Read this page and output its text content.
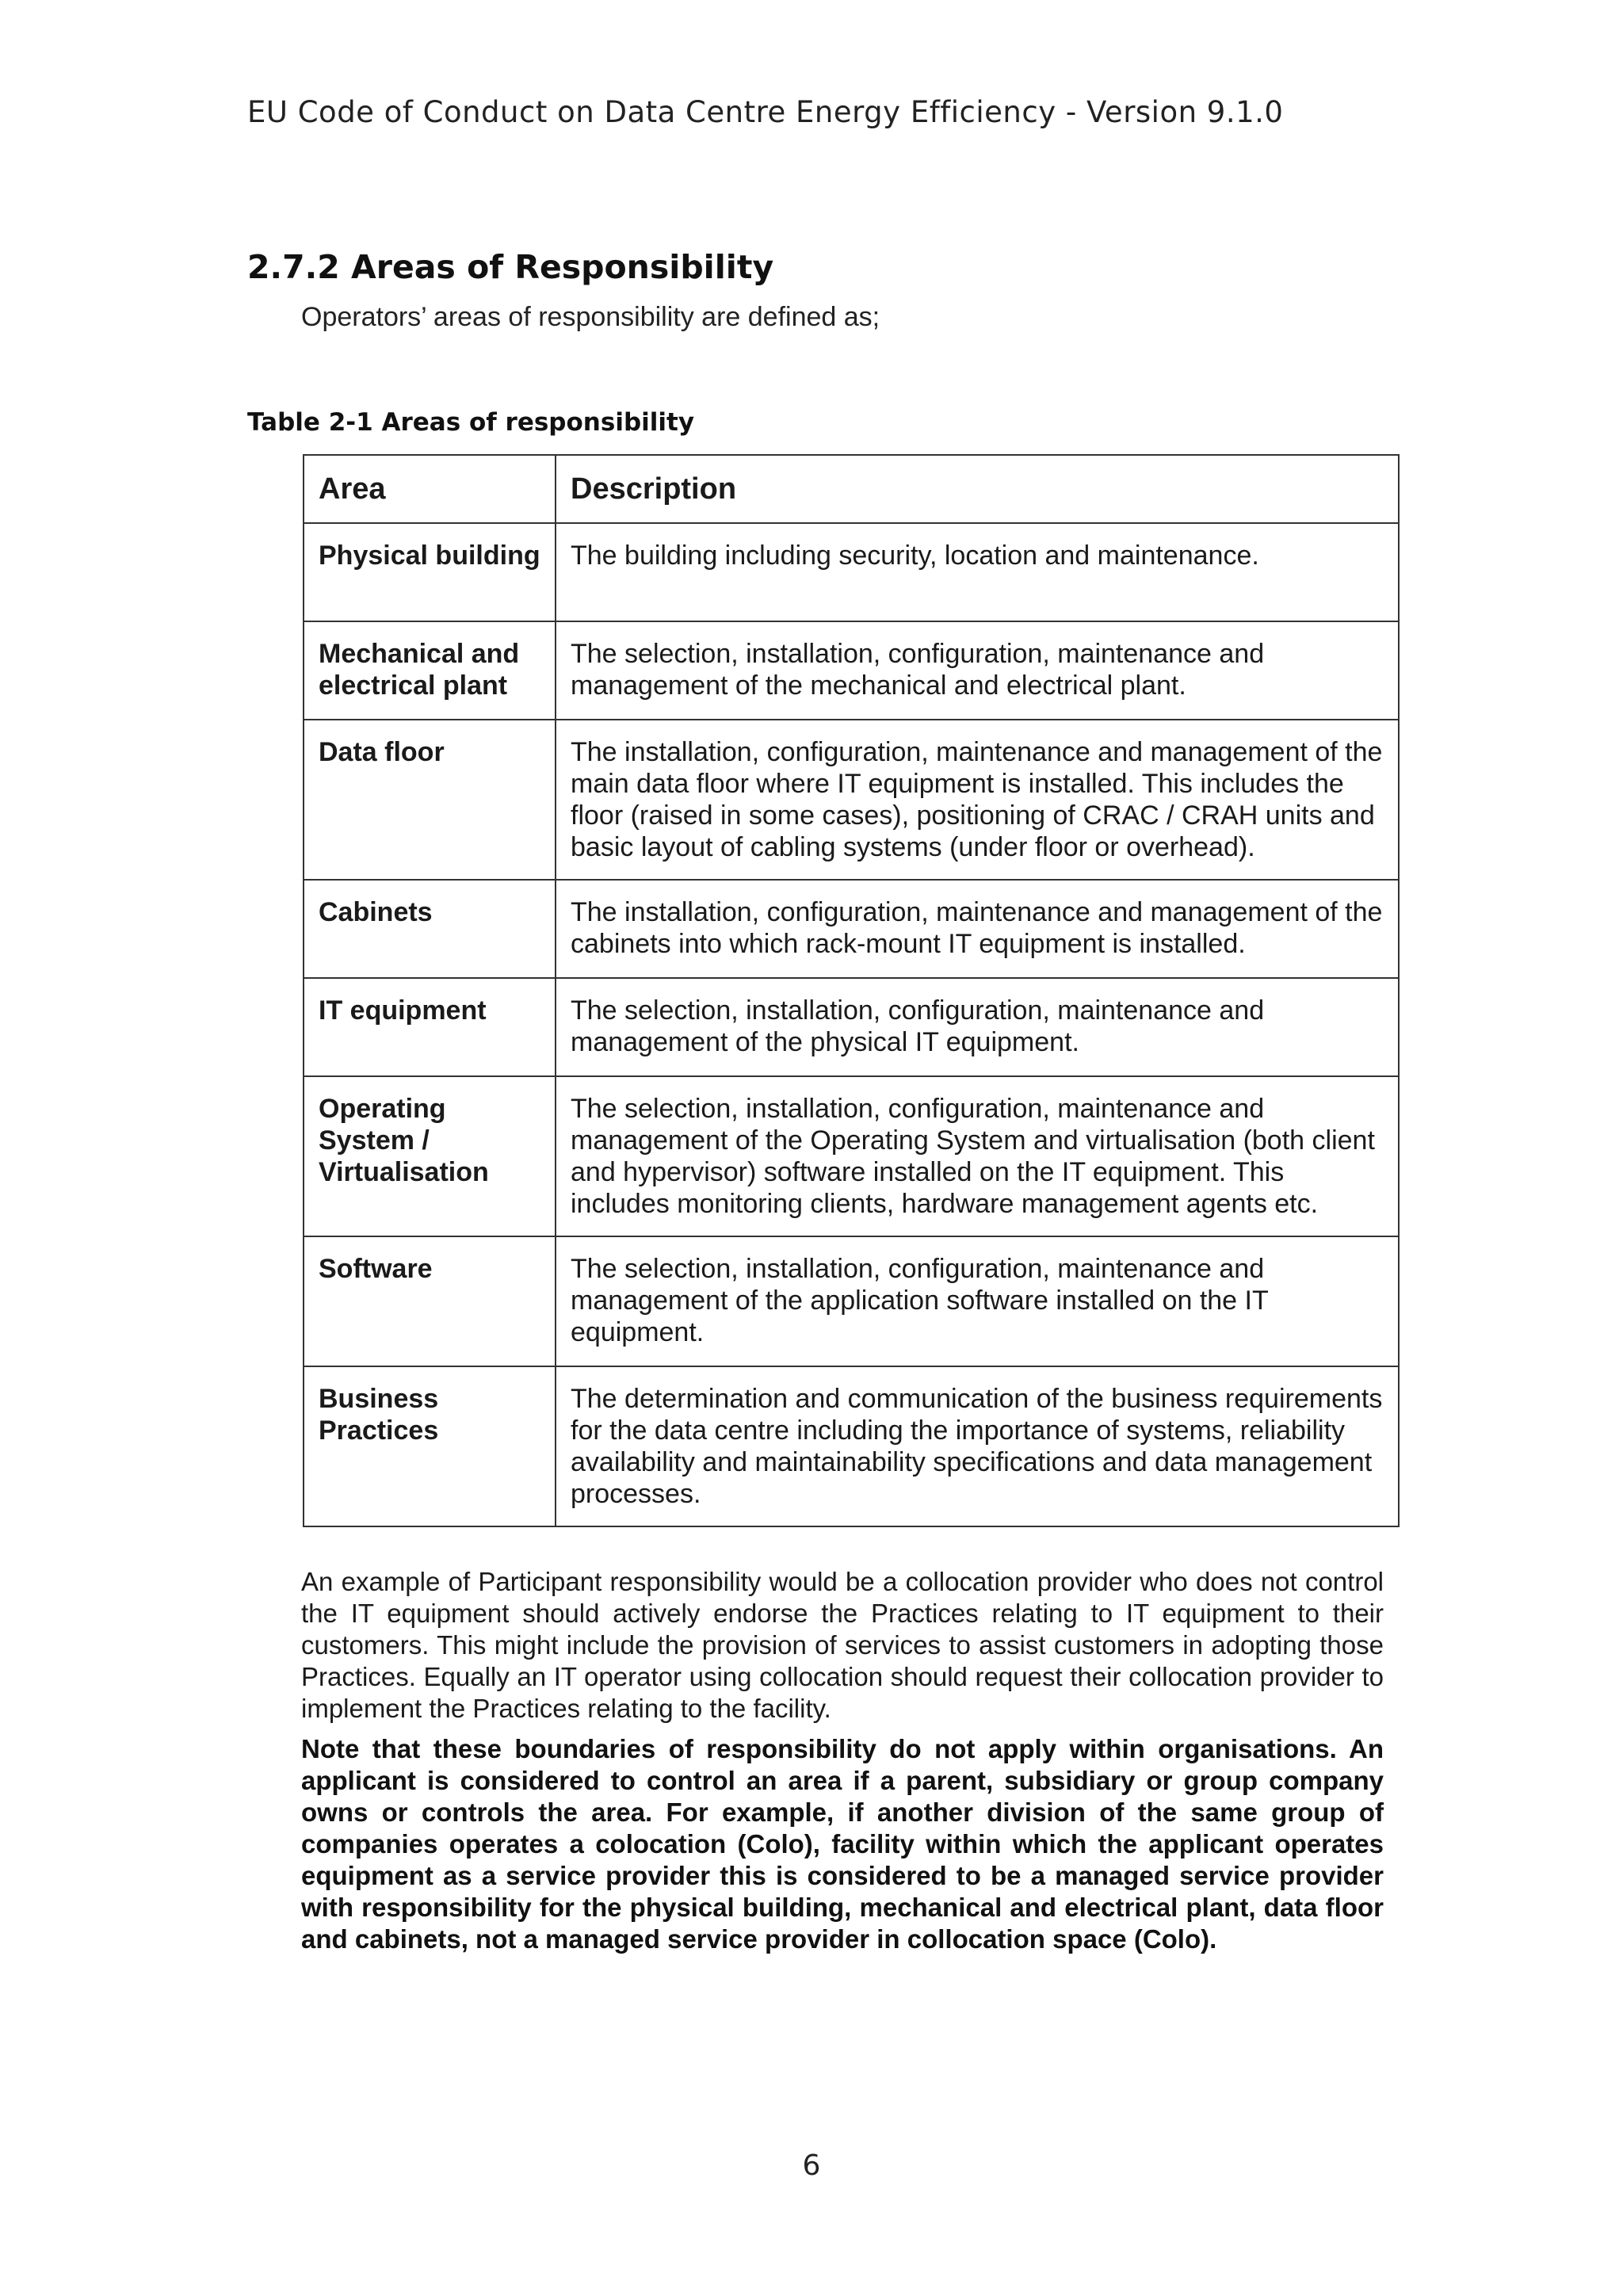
EU Code of Conduct on Data Centre Energy Efficiency - Version 9.1.0
2.7.2 Areas of Responsibility
Operators’ areas of responsibility are defined as;
Table 2-1 Areas of responsibility
Area	Description
Physical building	The building including security, location and maintenance.
Mechanical and electrical plant	The selection, installation, configuration, maintenance and management of the mechanical and electrical plant.
Data floor	The installation, configuration, maintenance and management of the main data floor where IT equipment is installed. This includes the floor (raised in some cases), positioning of CRAC / CRAH units and basic layout of cabling systems (under floor or overhead).
Cabinets	The installation, configuration, maintenance and management of the cabinets into which rack-mount IT equipment is installed.
IT equipment	The selection, installation, configuration, maintenance and management of the physical IT equipment.
Operating System / Virtualisation	The selection, installation, configuration, maintenance and management of the Operating System and virtualisation (both client and hypervisor) software installed on the IT equipment. This includes monitoring clients, hardware management agents etc.
Software	The selection, installation, configuration, maintenance and management of the application software installed on the IT equipment.
Business Practices	The determination and communication of the business requirements for the data centre including the importance of systems, reliability availability and maintainability specifications and data management processes.

An example of Participant responsibility would be a collocation provider who does not control the IT equipment should actively endorse the Practices relating to IT equipment to their customers. This might include the provision of services to assist customers in adopting those Practices. Equally an IT operator using collocation should request their collocation provider to implement the Practices relating to the facility.

Note that these boundaries of responsibility do not apply within organisations. An applicant is considered to control an area if a parent, subsidiary or group company owns or controls the area. For example, if another division of the same group of companies operates a colocation (Colo), facility within which the applicant operates equipment as a service provider this is considered to be a managed service provider with responsibility for the physical building, mechanical and electrical plant, data floor and cabinets, not a managed service provider in collocation space (Colo).

6
